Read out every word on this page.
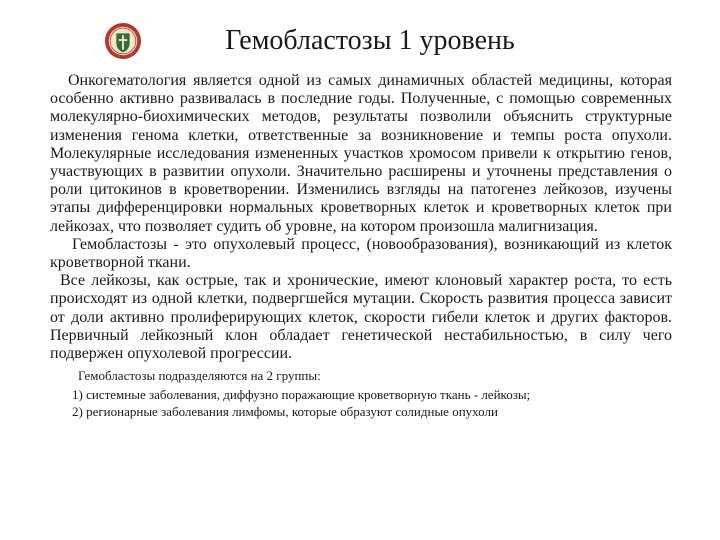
Гемобластозы 1 уровень

Онкогематология является одной из самых динамичных областей медицины, которая особенно активно развивалась в последние годы. Полученные, с помощью современных молекулярно-биохимических методов, результаты позволили объяснить структурные изменения генома клетки, ответственные за возникновение и темпы роста опухоли. Молекулярные исследования измененных участков хромосом привели к открытию генов, участвующих в развитии опухоли. Значительно расширены и уточнены представления о роли цитокинов в кроветворении. Изменились взгляды на патогенез лейкозов, изучены этапы дифференцировки нормальных кроветворных клеток и кроветворных клеток при лейкозах, что позволяет судить об уровне, на котором произошла малигнизация.

Гемобластозы - это опухолевый процесс, (новообразования), возникающий из клеток кроветворной ткани.

Все лейкозы, как острые, так и хронические, имеют клоновый характер роста, то есть происходят из одной клетки, подвергшейся мутации. Скорость развития процесса зависит от доли активно пролиферирующих клеток, скорости гибели клеток и других факторов. Первичный лейкозный клон обладает генетической нестабильностью, в силу чего подвержен опухолевой прогрессии.

Гемобластозы подразделяются на 2 группы:
1) системные заболевания, диффузно поражающие кроветворную ткань - лейкозы;
2) регионарные заболевания лимфомы, которые образуют солидные опухоли
